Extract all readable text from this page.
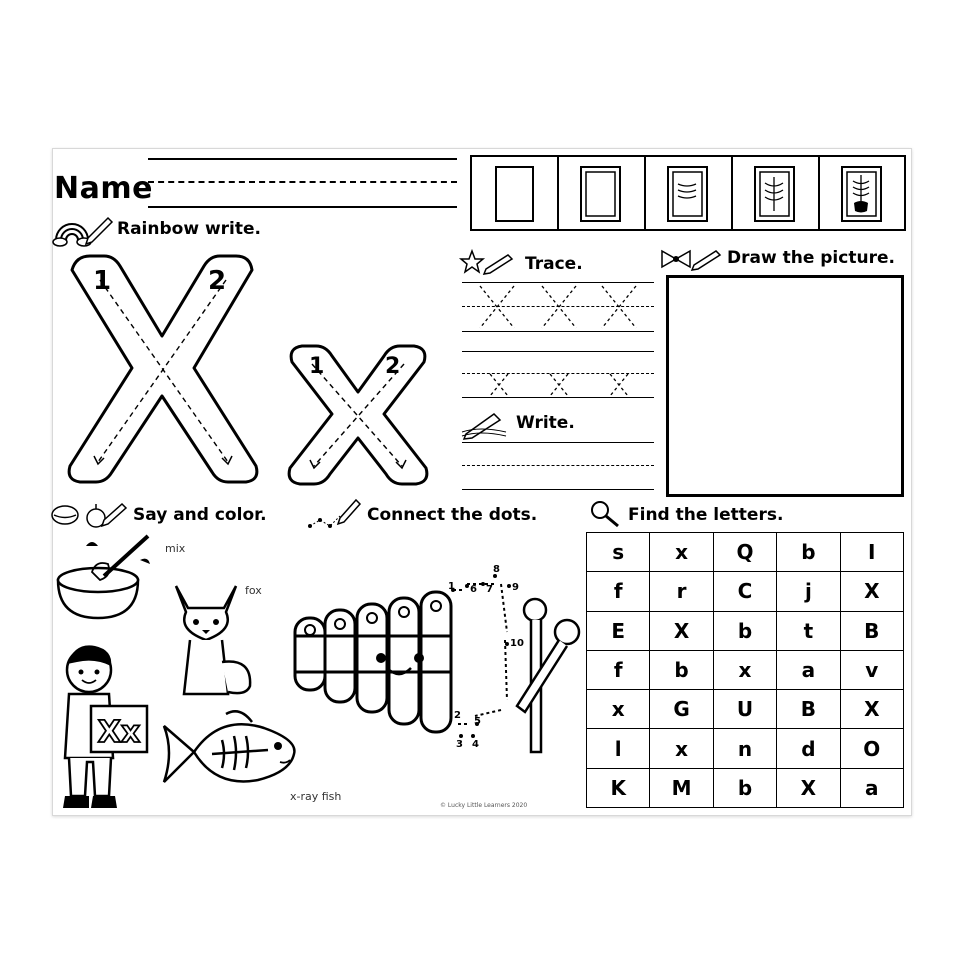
Name
Rainbow write.
1	2
1	2
Trace.
Write.
Draw the picture.
Say and color.
mix
fox
Xx
x-ray fish
Connect the dots.
1
2
3 4
5
6 7
8
9
10
© Lucky Little Learners 2020
Find the letters.
s	x	Q	b	I
f	r	C	j	X
E	X	b	t	B
f	b	x	a	v
x	G	U	B	X
l	x	n	d	O
K	M	b	X	a
